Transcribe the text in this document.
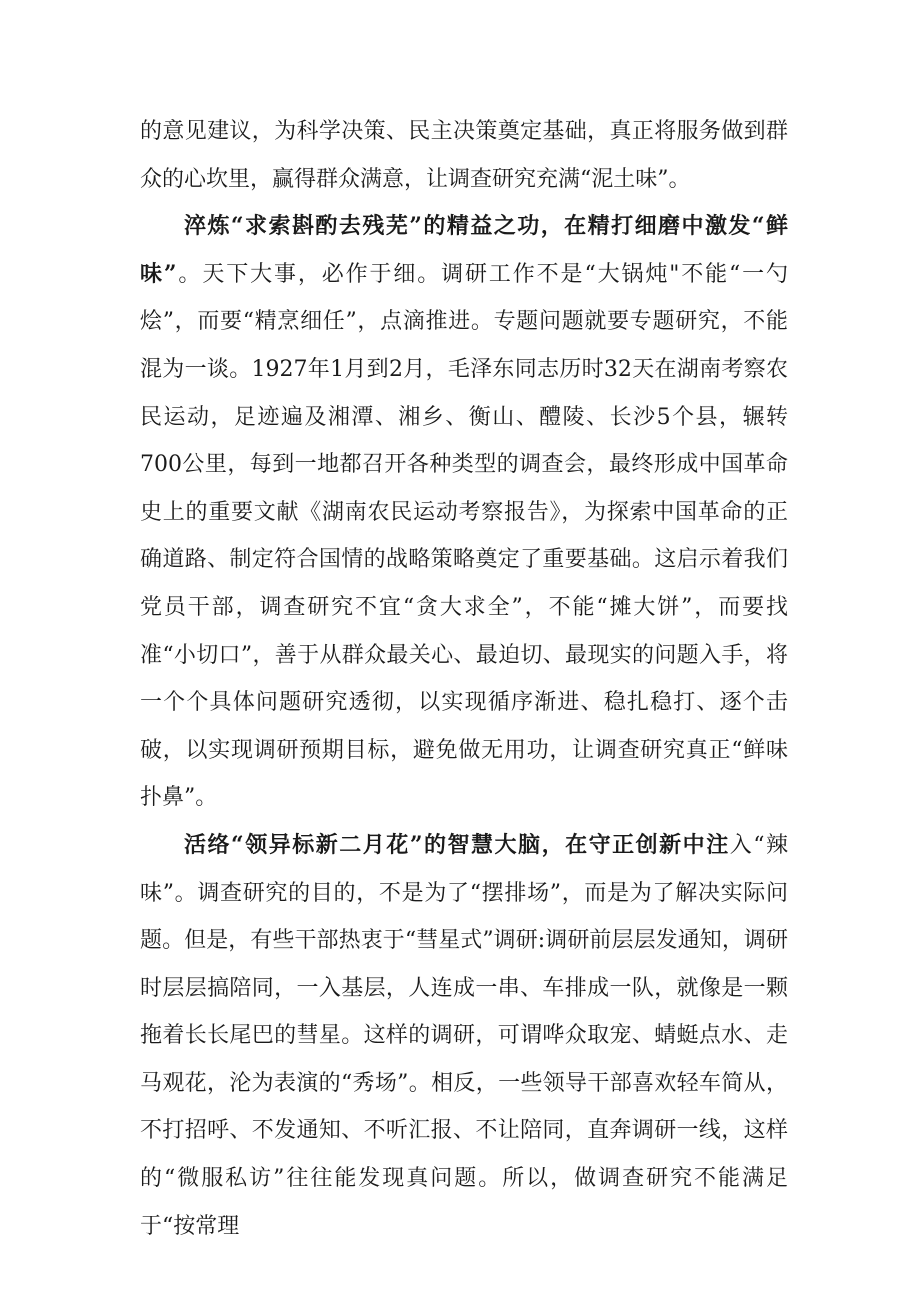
的意见建议，为科学决策、民主决策奠定基础，真正将服务做到群众的心坎里，赢得群众满意，让调查研究充满“泥土味”。

淬炼“求索斟酌去残芜”的精益之功，在精打细磨中激发“鲜味”。天下大事，必作于细。调研工作不是“大锅炖"不能“一勺烩”，而要“精烹细任”，点滴推进。专题问题就要专题研究，不能混为一谈。1927年1月到2月，毛泽东同志历时32天在湖南考察农民运动，足迹遍及湘潭、湘乡、衡山、醴陵、长沙5个县，辗转700公里，每到一地都召开各种类型的调查会，最终形成中国革命史上的重要文献《湖南农民运动考察报告》，为探索中国革命的正确道路、制定符合国情的战略策略奠定了重要基础。这启示着我们党员干部，调查研究不宜“贪大求全”，不能“摊大饼”，而要找准“小切口”，善于从群众最关心、最迫切、最现实的问题入手，将一个个具体问题研究透彻，以实现循序渐进、稳扎稳打、逐个击破，以实现调研预期目标，避免做无用功，让调查研究真正“鲜味扑鼻”。

活络“领异标新二月花”的智慧大脑，在守正创新中注入“辣味”。调查研究的目的，不是为了“摆排场”，而是为了解决实际问题。但是，有些干部热衷于“彗星式”调研:调研前层层发通知，调研时层层搞陪同，一入基层，人连成一串、车排成一队，就像是一颗拖着长长尾巴的彗星。这样的调研，可谓哗众取宠、蜻蜓点水、走马观花，沦为表演的“秀场”。相反，一些领导干部喜欢轻车简从，不打招呼、不发通知、不听汇报、不让陪同，直奔调研一线，这样的“微服私访”往往能发现真问题。所以，做调查研究不能满足于“按常理
